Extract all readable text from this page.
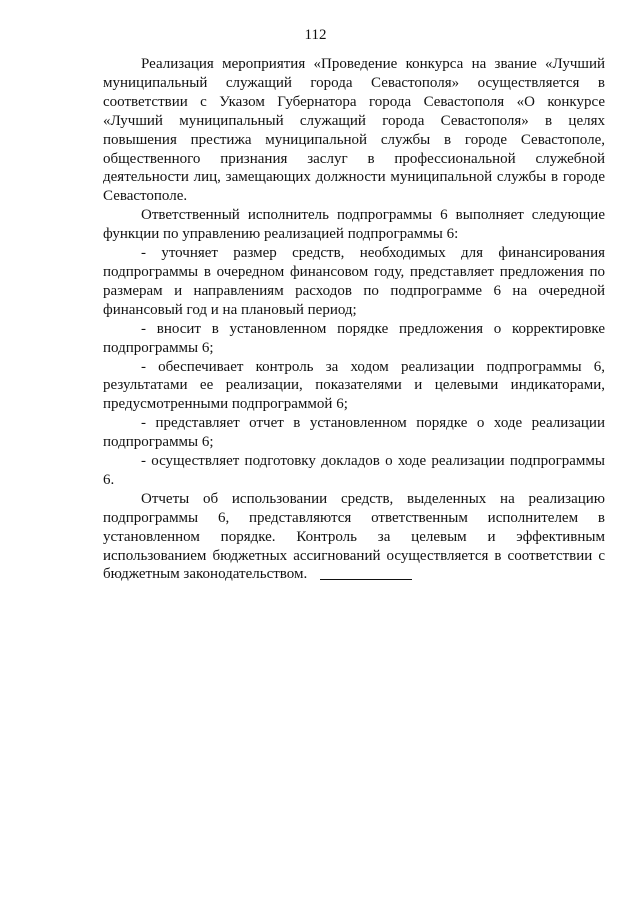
112

Реализация мероприятия «Проведение конкурса на звание «Лучший муниципальный служащий города Севастополя» осуществляется в соответствии с Указом Губернатора города Севастополя «О конкурсе «Лучший муниципальный служащий города Севастополя» в целях повышения престижа муниципальной службы в городе Севастополе, общественного признания заслуг в профессиональной служебной деятельности лиц, замещающих должности муниципальной службы в городе Севастополе.

Ответственный исполнитель подпрограммы 6 выполняет следующие функции по управлению реализацией подпрограммы 6:

- уточняет размер средств, необходимых для финансирования подпрограммы в очередном финансовом году, представляет предложения по размерам и направлениям расходов по подпрограмме 6 на очередной финансовый год и на плановый период;

- вносит в установленном порядке предложения о корректировке подпрограммы 6;

- обеспечивает контроль за ходом реализации подпрограммы 6, результатами ее реализации, показателями и целевыми индикаторами, предусмотренными подпрограммой 6;

- представляет отчет в установленном порядке о ходе реализации подпрограммы 6;

- осуществляет подготовку докладов о ходе реализации подпрограммы 6.

Отчеты об использовании средств, выделенных на реализацию подпрограммы 6, представляются ответственным исполнителем в установленном порядке. Контроль за целевым и эффективным использованием бюджетных ассигнований осуществляется в соответствии с бюджетным законодательством.
